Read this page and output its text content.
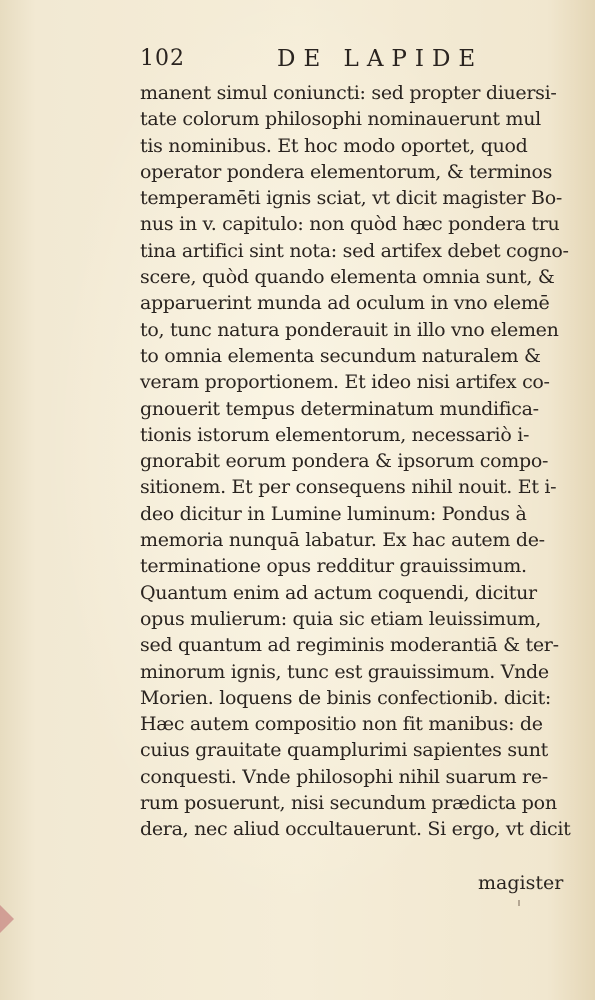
102	DE LAPIDE
manent simul coniuncti: sed propter diuersi-
tate colorum philosophi nominauerunt mul
tis nominibus. Et hoc modo oportet, quod
operator pondera elementorum, & terminos
temperamēti ignis sciat, vt dicit magister Bo-
nus in v. capitulo: non quòd hæc pondera tru
tina artifici sint nota: sed artifex debet cogno-
scere, quòd quando elementa omnia sunt, &
apparuerint munda ad oculum in vno elemē
to, tunc natura ponderauit in illo vno elemen
to omnia elementa secundum naturalem &
veram proportionem. Et ideo nisi artifex co-
gnouerit tempus determinatum mundifica-
tionis istorum elementorum, necessariò i-
gnorabit eorum pondera & ipsorum compo-
sitionem. Et per consequens nihil nouit. Et i-
deo dicitur in Lumine luminum: Pondus à
memoria nunquā labatur. Ex hac autem de-
terminatione opus redditur grauissimum.
Quantum enim ad actum coquendi, dicitur
opus mulierum: quia sic etiam leuissimum,
sed quantum ad regiminis moderantiā & ter-
minorum ignis, tunc est grauissimum. Vnde
Morien. loquens de binis confectionib. dicit:
Hæc autem compositio non fit manibus: de
cuius grauitate quamplurimi sapientes sunt
conquesti. Vnde philosophi nihil suarum re-
rum posuerunt, nisi secundum prædicta pon
dera, nec aliud occultauerunt. Si ergo, vt dicit
magister
